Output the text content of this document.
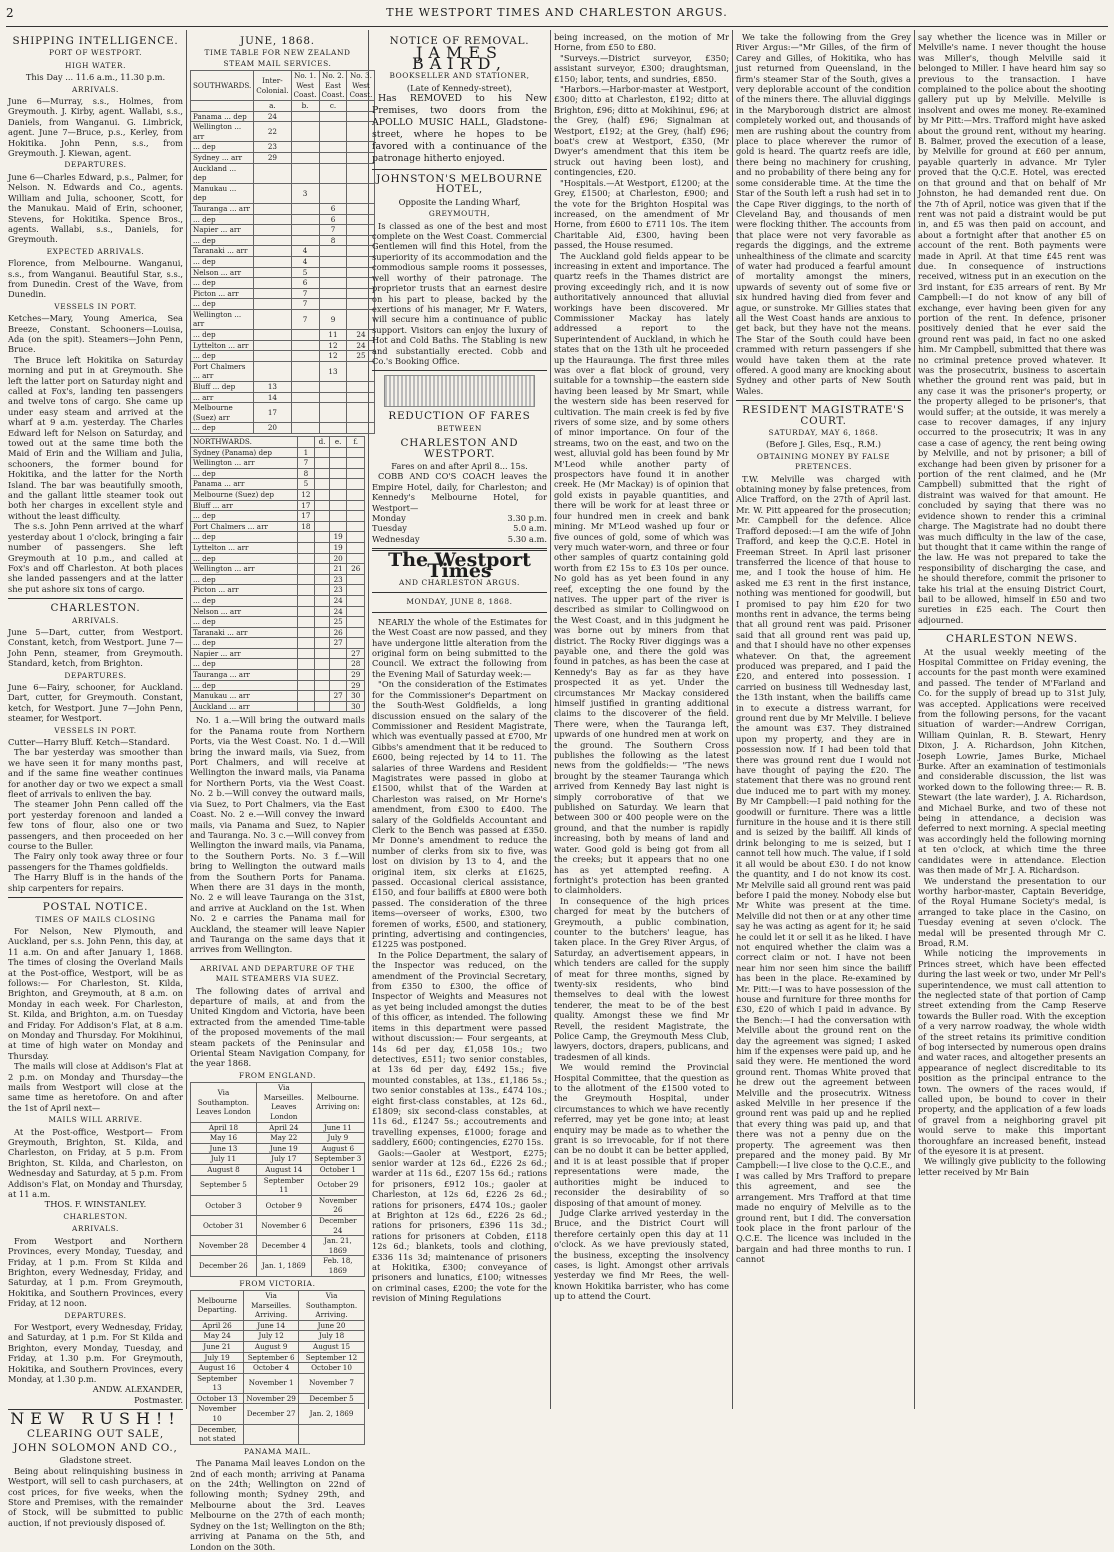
2	THE WESTPORT TIMES AND CHARLESTON ARGUS.
SHIPPING INTELLIGENCE.
PORT OF WESTPORT.
HIGH WATER.
This Day ... 11.6 a.m., 11.30 p.m.
ARRIVALS.

June 6—Murray, s.s., Holmes, from Greymouth. J. Kirby, agent. Wallabi, s.s., Daniels, from Wanganui. G. Limbrick, agent. June 7—Bruce, p.s., Kerley, from Hokitika. John Penn, s.s., from Greymouth. J. Kiewan, agent.

DEPARTURES.

June 6—Charles Edward, p.s., Palmer, for Nelson. N. Edwards and Co., agents. William and Julia, schooner, Scott, for the Manukau. Maid of Erin, schooner, Stevens, for Hokitika. Spence Bros., agents. Wallabi, s.s., Daniels, for Greymouth.

EXPECTED ARRIVALS.

Florence, from Melbourne. Wanganui, s.s., from Wanganui. Beautiful Star, s.s., from Dunedin. Crest of the Wave, from Dunedin.

VESSELS IN PORT.

Ketches—Mary, Young America, Sea Breeze, Constant. Schooners—Louisa, Ada (on the spit). Steamers—John Penn, Bruce.

The Bruce left Hokitika on Saturday morning and put in at Greymouth. She left the latter port on Saturday night and called at Fox's, landing ten passengers and twelve tons of cargo. She came up under easy steam and arrived at the wharf at 9 a.m. yesterday. The Charles Edward left for Nelson on Saturday, and towed out at the same time both the Maid of Erin and the William and Julia, schooners, the former bound for Hokitika, and the latter for the North Island. The bar was beautifully smooth, and the gallant little steamer took out both her charges in excellent style and without the least difficulty.

The s.s. John Penn arrived at the wharf yesterday about 1 o'clock, bringing a fair number of passengers. She left Greymouth at 10 p.m., and called at Fox's and off Charleston. At both places she landed passengers and at the latter she put ashore six tons of cargo.

CHARLESTON.
ARRIVALS.

June 5—Dart, cutter, from Westport. Constant, ketch, from Westport. June 7—John Penn, steamer, from Greymouth. Standard, ketch, from Brighton.

DEPARTURES.

June 6—Fairy, schooner, for Auckland. Dart, cutter, for Greymouth. Constant, ketch, for Westport. June 7—John Penn, steamer, for Westport.

VESSELS IN PORT.

Cutter—Harry Bluff. Ketch—Standard.

The bar yesterday was smoother than we have seen it for many months past, and if the same fine weather continues for another day or two we expect a small fleet of arrivals to enliven the bay.

The steamer John Penn called off the port yesterday forenoon and landed a few tons of flour, also one or two passengers, and then proceeded on her course to the Buller.

The Fairy only took away three or four passengers for the Thames goldfields.

The Harry Bluff is in the hands of the ship carpenters for repairs.

POSTAL NOTICE.
TIMES OF MAILS CLOSING

For Nelson, New Plymouth, and Auckland, per s.s. John Penn, this day, at 11 a.m. On and after January 1, 1868. The times of closing the Overland Mails at the Post-office, Westport, will be as follows:— For Charleston, St. Kilda, Brighton, and Greymouth, at 8 a.m. on Monday in each week. For Charleston, St. Kilda, and Brighton, a.m. on Tuesday and Friday. For Addison's Flat, at 8 a.m. on Monday and Thursday. For Mokihinui, at time of high water on Monday and Thursday.

The mails will close at Addison's Flat at 2 p.m. on Monday and Thursday—the mails from Westport will close at the same time as heretofore. On and after the 1st of April next—

MAILS WILL ARRIVE.

At the Post-office, Westport— From Greymouth, Brighton, St. Kilda, and Charleston, on Friday, at 5 p.m. From Brighton, St. Kilda, and Charleston, on Wednesday and Saturday, at 5 p.m. From Addison's Flat, on Monday and Thursday, at 11 a.m.

THOS. F. WINSTANLEY.
CHARLESTON.
ARRIVALS.

From Westport and Northern Provinces, every Monday, Tuesday, and Friday, at 1 p.m. From St Kilda and Brighton, every Wednesday, Friday, and Saturday, at 1 p.m. From Greymouth, Hokitika, and Southern Provinces, every Friday, at 12 noon.

DEPARTURES.

For Westport, every Wednesday, Friday, and Saturday, at 1 p.m. For St Kilda and Brighton, every Monday, Tuesday, and Friday, at 1.30 p.m. For Greymouth, Hokitika, and Southern Provinces, every Monday, at 1.30 p.m.

ANDW. ALEXANDER,
Postmaster.
NEW RUSH!!
CLEARING OUT SALE,
JOHN SOLOMON AND CO.,
Gladstone street.

Being about relinquishing business in Westport, will sell to cash purchasers, at cost prices, for five weeks, when the Store and Premises, with the remainder of Stock, will be submitted to public auction, if not previously disposed of.

JUNE, 1868.
TIME TABLE FOR NEW ZEALAND STEAM MAIL SERVICES.
SOUTHWARDS.	Inter-Colonial.	No. 1. West Coast.	No. 2. East Coast.	No. 3. West Coast.
	a.	b.	c.	
Panama ... dep	24			
Wellington ... arr	22			
... dep	23			
Sydney ... arr	29			
Auckland ... dep				
Manukau ... dep		3		
Tauranga ... arr			6	
... dep			6	
Napier ... arr			7	
... dep			8	
Taranaki ... arr		4		
... dep		4		
Nelson ... arr		5		
... dep		6		
Picton ... arr		7		
... dep		7		
Wellington ... arr		7	9	
... dep			11	24
Lyttelton ... arr			12	24
... dep			12	25
Port Chalmers ... arr			13	
Bluff ... dep	13			
... arr	14			
Melbourne (Suez) arr	17			
... dep	20			
NORTHWARDS.		d.	e.	f.
Sydney (Panama) dep	1			
Wellington ... arr	7			
... dep	8			
Panama ... arr	5			
Melbourne (Suez) dep	12			
Bluff ... arr	17			
... dep	17			
Port Chalmers ... arr	18			
... dep			19	
Lyttelton ... arr			19	
... dep			20	
Wellington ... arr			21	26
... dep			23	
Picton ... arr			23	
... dep			24	
Nelson ... arr			24	
... dep			25	
Taranaki ... arr			26	
... dep			27	
Napier ... arr				27
... dep				28
Tauranga ... arr				29
... dep				29
Manukau ... arr			27	30
Auckland ... arr				30

No. 1 a.—Will bring the outward mails for the Panama route from Northern Ports, via the West Coast. No. 1 d.—Will bring the inward mails, via Suez, from Port Chalmers, and will receive at Wellington the inward mails, via Panama for Northern Ports, via the West Coast. No. 2 b.—Will convey the outward mails, via Suez, to Port Chalmers, via the East Coast. No. 2 e.—Will convey the inward mails, via Panama and Suez, to Napier and Tauranga. No. 3 c.—Will convey from Wellington the inward mails, via Panama, to the Southern Ports. No. 3 f.—Will bring to Wellington the outward mails from the Southern Ports for Panama. When there are 31 days in the month, No. 2 e will leave Tauranga on the 31st, and arrive at Auckland on the 1st. When No. 2 e carries the Panama mail for Auckland, the steamer will leave Napier and Tauranga on the same days that it arrives from Wellington.

ARRIVAL AND DEPARTURE OF THE MAIL STEAMERS VIA SUEZ.

The following dates of arrival and departure of mails, at and from the United Kingdom and Victoria, have been extracted from the amended Time-table of the proposed movements of the mail steam packets of the Peninsular and Oriental Steam Navigation Company, for the year 1868.

FROM ENGLAND.
Via Southampton. Leaves London	Via Marseilles. Leaves London	Melbourne. Arriving on:
April 18	April 24	June 11
May 16	May 22	July 9
June 13	June 19	August 6
July 11	July 17	September 3
August 8	August 14	October 1
September 5	September 11	October 29
October 3	October 9	November 26
October 31	November 6	December 24
November 28	December 4	Jan. 21, 1869
December 26	Jan. 1, 1869	Feb. 18, 1869
FROM VICTORIA.
Melbourne Departing.	Via Marseilles. Arriving.	Via Southampton. Arriving.
April 26	June 14	June 20
May 24	July 12	July 18
June 21	August 9	August 15
July 19	September 6	September 12
August 16	October 4	October 10
September 13	November 1	November 7
October 13	November 29	December 5
November 10	December 27	Jan. 2, 1869
December, not stated		
PANAMA MAIL.

The Panama Mail leaves London on the 2nd of each month; arriving at Panama on the 24th; Wellington on 22nd of following month; Sydney 29th, and Melbourne about the 3rd. Leaves Melbourne on the 27th of each month; Sydney on the 1st; Wellington on the 8th; arriving at Panama on the 5th, and London on the 30th.

NOTICE OF REMOVAL.
JAMES BAIRD,
BOOKSELLER AND STATIONER,
(Late of Kennedy-street),

Has REMOVED to his New Premises, two doors from the APOLLO MUSIC HALL, Gladstone-street, where he hopes to be favored with a continuance of the patronage hitherto enjoyed.

JOHNSTON'S MELBOURNE HOTEL,
Opposite the Landing Wharf,
GREYMOUTH,

Is classed as one of the best and most complete on the West Coast. Commercial Gentlemen will find this Hotel, from the superiority of its accommodation and the commodious sample rooms it possesses, well worthy of their patronage. The proprietor trusts that an earnest desire on his part to please, backed by the exertions of his manager, Mr F. Waters, will secure him a continuance of public support. Visitors can enjoy the luxury of Hot and Cold Baths. The Stabling is new and substantially erected. Cobb and Co.'s Booking Office.

REDUCTION OF FARES
BETWEEN
CHARLESTON AND WESTPORT.
Fares on and after April 8... 15s.

COBB AND CO'S COACH leaves the Empire Hotel, daily, for Charleston; and Kennedy's Melbourne Hotel, for Westport—

Monday	3.30 p.m.
Tuesday	5.0 a.m.
Wednesday	5.30 a.m.
The Westport Times
AND CHARLESTON ARGUS.
MONDAY, JUNE 8, 1868.

NEARLY the whole of the Estimates for the West Coast are now passed, and they have undergone little alteration from the original form on being submitted to the Council. We extract the following from the Evening Mail of Saturday week:—

"On the consideration of the Estimates for the Commissioner's Department on the South-West Goldfields, a long discussion ensued on the salary of the Commissioner and Resident Magistrate, which was eventually passed at £700, Mr Gibbs's amendment that it be reduced to £600, being rejected by 14 to 11. The salaries of three Wardens and Resident Magistrates were passed in globo at £1500, whilst that of the Warden at Charleston was raised, on Mr Horne's amendment, from £300 to £400. The salary of the Goldfields Accountant and Clerk to the Bench was passed at £350. Mr Donne's amendment to reduce the number of clerks from six to five, was lost on division by 13 to 4, and the original item, six clerks at £1625, passed. Occasional clerical assistance, £150, and four bailiffs at £800 were both passed. The consideration of the three items—overseer of works, £300, two foremen of works, £500, and stationery, printing, advertising and contingencies, £1225 was postponed.

In the Police Department, the salary of the Inspector was reduced, on the amendment of the Provincial Secretary, from £350 to £300, the office of Inspector of Weights and Measures not as yet being included amongst the duties of this officer, as intended. The following items in this department were passed without discussion:— Four sergeants, at 14s 6d per day, £1,058 10s.; two detectives, £511; two senior constables, at 13s 6d per day, £492 15s.; five mounted constables, at 13s., £1,186 5s.; two senior constables at 13s., £474 10s.; eight first-class constables, at 12s 6d., £1809; six second-class constables, at 11s 6d., £1247 5s.; accoutrements and travelling expenses, £1000; forage and saddlery, £600; contingencies, £270 15s.

Gaols:—Gaoler at Westport, £275; senior warder at 12s 6d., £226 2s 6d.; warder at 11s 6d., £207 15s 6d.; rations for prisoners, £912 10s.; gaoler at Charleston, at 12s 6d, £226 2s 6d.; rations for prisoners, £474 10s.; gaoler at Brighton at 12s 6d., £226 2s 6d.; rations for prisoners, £396 11s 3d.; rations for prisoners at Cobden, £118 12s 6d.; blankets, tools and clothing, £336 11s 3d; maintenance of prisoners at Hokitika, £300; conveyance of prisoners and lunatics, £100; witnesses on criminal cases, £200; the vote for the revision of Mining Regulations

being increased, on the motion of Mr Horne, from £50 to £80.

"Surveys.—District surveyor, £350; assistant surveyor, £300; draughtsman, £150; labor, tents, and sundries, £850.

"Harbors.—Harbor-master at Westport, £300; ditto at Charleston, £192; ditto at Brighton, £96; ditto at Mokihinui, £96; at the Grey, (half) £96; Signalman at Westport, £192; at the Grey, (half) £96; boat's crew at Westport, £350, (Mr Dwyer's amendment that this item be struck out having been lost), and contingencies, £20.

"Hospitals.—At Westport, £1200; at the Grey, £1500; at Charleston, £900; and the vote for the Brighton Hospital was increased, on the amendment of Mr Horne, from £600 to £711 10s. The item Charitable Aid, £300, having been passed, the House resumed.

The Auckland gold fields appear to be increasing in extent and importance. The quartz reefs in the Thames district are proving exceedingly rich, and it is now authoritatively announced that alluvial workings have been discovered. Mr Commissioner Mackay has lately addressed a report to the Superintendent of Auckland, in which he states that on the 13th ult he proceeded up the Hauraunga. The first three miles was over a flat block of ground, very suitable for a township—the eastern side having been leased by Mr Smart, while the western side has been reserved for cultivation. The main creek is fed by five rivers of some size, and by some others of minor importance. On four of the streams, two on the east, and two on the west, alluvial gold has been found by Mr M'Leod while another party of prospectors have found it in another creek. He (Mr Mackay) is of opinion that gold exists in payable quantities, and there will be work for at least three or four hundred men in creek and bank mining. Mr M'Leod washed up four or five ounces of gold, some of which was very much water-worn, and three or four other samples of quartz containing gold worth from £2 15s to £3 10s per ounce. No gold has as yet been found in any reef, excepting the one found by the natives. The upper part of the river is described as similar to Collingwood on the West Coast, and in this judgment he was borne out by miners from that district. The Rocky River diggings was a payable one, and there the gold was found in patches, as has been the case at Kennedy's Bay as far as they have prospected it as yet. Under the circumstances Mr Mackay considered himself justified in granting additional claims to the discoverer of the field. There were, when the Tauranga left, upwards of one hundred men at work on the ground. The Southern Cross publishes the following as the latest news from the goldfields:— "The news brought by the steamer Tauranga which arrived from Kennedy Bay last night is simply corroborative of that we published on Saturday. We learn that between 300 or 400 people were on the ground, and that the number is rapidly increasing, both by means of land and water. Good gold is being got from all the creeks; but it appears that no one has as yet attempted reefing. A fortnight's protection has been granted to claimholders.

In consequence of the high prices charged for meat by the butchers of Greymouth, a public combination, counter to the butchers' league, has taken place. In the Grey River Argus, of Saturday, an advertisement appears, in which tenders are called for the supply of meat for three months, signed by twenty-six residents, who bind themselves to deal with the lowest tenderer, the meat to be of the best quality. Amongst these we find Mr Revell, the resident Magistrate, the Police Camp, the Greymouth Mess Club, lawyers, doctors, drapers, publicans, and tradesmen of all kinds.

We would remind the Provincial Hospital Committee, that the question as to the allotment of the £1500 voted to the Greymouth Hospital, under circumstances to which we have recently referred, may yet be gone into; at least enquiry may be made as to whether the grant is so irrevocable, for if not there can be no doubt it can be better applied, and it is at least possible that if proper representations were made, the authorities might be induced to reconsider the desirability of so disposing of that amount of money.

Judge Clarke arrived yesterday in the Bruce, and the District Court will therefore certainly open this day at 11 o'clock. As we have previously stated, the business, excepting the insolvency cases, is light. Amongst other arrivals yesterday we find Mr Rees, the well-known Hokitika barrister, who has come up to attend the Court.

We take the following from the Grey River Argus:—"Mr Gilles, of the firm of Carey and Gilles, of Hokitika, who has just returned from Queensland, in the firm's steamer Star of the South, gives a very deplorable account of the condition of the miners there. The alluvial diggings in the Maryborough district are almost completely worked out, and thousands of men are rushing about the country from place to place wherever the rumor of gold is heard. The quartz reefs are idle, there being no machinery for crushing, and no probability of there being any for some considerable time. At the time the Star of the South left a rush had set in to the Cape River diggings, to the north of Cleveland Bay, and thousands of men were flocking thither. The accounts from that place were not very favorable as regards the diggings, and the extreme unhealthiness of the climate and scarcity of water had produced a fearful amount of mortality amongst the miners, upwards of seventy out of some five or six hundred having died from fever and ague, or sunstroke. Mr Gillies states that all the West Coast hands are anxious to get back, but they have not the means. The Star of the South could have been crammed with return passengers if she would have taken them at the rate offered. A good many are knocking about Sydney and other parts of New South Wales.

RESIDENT MAGISTRATE'S COURT.
SATURDAY, MAY 6, 1868.
(Before J. Giles, Esq., R.M.)
OBTAINING MONEY BY FALSE PRETENCES.

T.W. Melville was charged with obtaining money by false pretences, from Alice Trafford, on the 27th of April last. Mr. W. Pitt appeared for the prosecution; Mr. Campbell for the defence. Alice Trafford deposed:—I am the wife of John Trafford, and keep the Q.C.E. Hotel in Freeman Street. In April last prisoner transferred the licence of that house to me, and I took the house of him. He asked me £3 rent in the first instance, nothing was mentioned for goodwill, but I promised to pay him £20 for two months rent in advance, the terms being that all ground rent was paid. Prisoner said that all ground rent was paid up, and that I should have no other expenses whatever. On that, the agreement produced was prepared, and I paid the £20, and entered into possession. I carried on business till Wednesday last, the 13th instant, when the bailiffs came in to execute a distress warrant, for ground rent due by Mr Melville. I believe the amount was £37. They distrained upon my property, and they are in possession now. If I had been told that there was ground rent due I would not have thought of paying the £20. The statement that there was no ground rent due induced me to part with my money. By Mr Campbell:—I paid nothing for the goodwill or furniture. There was a little furniture in the house and it is there still and is seized by the bailiff. All kinds of drink belonging to me is seized, but I cannot tell how much. The value, if I sold it all would be about £30. I do not know the quantity, and I do not know its cost. Mr Melville said all ground rent was paid before I paid the money. Nobody else but Mr White was present at the time. Melville did not then or at any other time say he was acting as agent for it; he said he could let it or sell it as he liked. I have not enquired whether the claim was a correct claim or not. I have not been near him nor seen him since the bailiff has been in the place. Re-examined by Mr. Pitt:—I was to have possession of the house and furniture for three months for £30, £20 of which I paid in advance. By the Bench:—I had the conversation with Melville about the ground rent on the day the agreement was signed; I asked him if the expenses were paid up, and he said they were. He mentioned the word ground rent. Thomas White proved that he drew out the agreement between Melville and the prosecutrix. Witness asked Melville in her presence if the ground rent was paid up and he replied that every thing was paid up, and that there was not a penny due on the property. The agreement was then prepared and the money paid. By Mr Campbell:—I live close to the Q.C.E., and I was called by Mrs Trafford to prepare this agreement, and see the arrangement. Mrs Trafford at that time made no enquiry of Melville as to the ground rent, but I did. The conversation took place in the front parlour of the Q.C.E. The licence was included in the bargain and had three months to run. I cannot

say whether the licence was in Miller or Melville's name. I never thought the house was Miller's, though Melville said it belonged to Miller. I have heard him say so previous to the transaction. I have complained to the police about the shooting gallery put up by Melville. Melville is insolvent and owes me money. Re-examined by Mr Pitt:—Mrs. Trafford might have asked about the ground rent, without my hearing. B. Balmer, proved the execution of a lease, by Melville for ground at £60 per annum, payable quarterly in advance. Mr Tyler proved that the Q.C.E. Hotel, was erected on that ground and that on behalf of Mr Johnston, he had demanded rent due. On the 7th of April, notice was given that if the rent was not paid a distraint would be put in, and £5 was then paid on account, and about a fortnight after that another £5 on account of the rent. Both payments were made in April. At that time £45 rent was due. In consequence of instructions received, witness put in an execution on the 3rd instant, for £35 arrears of rent. By Mr Campbell:—I do not know of any bill of exchange, ever having been given for any portion of the rent. In defence, prisoner positively denied that he ever said the ground rent was paid, in fact no one asked him. Mr Campbell, submitted that there was no criminal pretence proved whatever. It was the prosecutrix, business to ascertain whether the ground rent was paid, but in any case it was the prisoner's property, or the property alleged to be prisoner's, that would suffer; at the outside, it was merely a case to recover damages, if any injury occurred to the prosecutrix; It was in any case a case of agency, the rent being owing by Melville, and not by prisoner; a bill of exchange had been given by prisoner for a portion of the rent claimed, and he (Mr Campbell) submitted that the right of distraint was waived for that amount. He concluded by saying that there was no evidence shown to render this a criminal charge. The Magistrate had no doubt there was much difficulty in the law of the case, but thought that it came within the range of the law. He was not prepared to take the responsibility of discharging the case, and he should therefore, commit the prisoner to take his trial at the ensuing District Court, bail to be allowed, himself in £50 and two sureties in £25 each. The Court then adjourned.

CHARLESTON NEWS.

At the usual weekly meeting of the Hospital Committee on Friday evening, the accounts for the past month were examined and passed. The tender of M'Farland and Co. for the supply of bread up to 31st July, was accepted. Applications were received from the following persons, for the vacant situation of warder:—Andrew Corrigan, William Quinlan, R. B. Stewart, Henry Dixon, J. A. Richardson, John Kitchen, Joseph Lowrie, James Burke, Michael Burke. After an examination of testimonials and considerable discussion, the list was worked down to the following three:— R. B. Stewart (the late warder), J. A. Richardson, and Michael Burke, and two of these not being in attendance, a decision was deferred to next morning. A special meeting was accordingly held the following morning at ten o'clock, at which time the three candidates were in attendance. Election was then made of Mr J. A. Richardson.

We understand the presentation to our worthy harbor-master, Captain Beveridge, of the Royal Humane Society's medal, is arranged to take place in the Casino, on Tuesday evening at seven o'clock. The medal will be presented through Mr C. Broad, R.M.

While noticing the improvements in Princes street, which have been effected during the last week or two, under Mr Pell's superintendence, we must call attention to the neglected state of that portion of Camp street extending from the Camp Reserve towards the Buller road. With the exception of a very narrow roadway, the whole width of the street retains its primitive condition of bog intersected by numerous open drains and water races, and altogether presents an appearance of neglect discreditable to its position as the principal entrance to the town. The owners of the races would, if called upon, be bound to cover in their property, and the application of a few loads of gravel from a neighboring gravel pit would serve to make this important thoroughfare an increased benefit, instead of the eyesore it is at present.

We willingly give publicity to the following letter received by Mr Bain
